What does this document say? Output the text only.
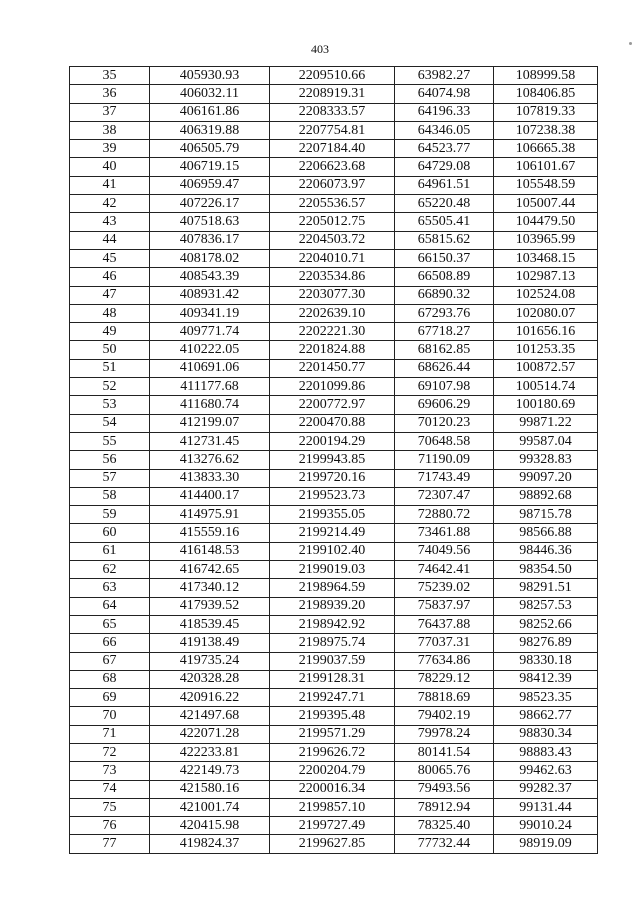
403
35	405930.93	2209510.66	63982.27	108999.58
36	406032.11	2208919.31	64074.98	108406.85
37	406161.86	2208333.57	64196.33	107819.33
38	406319.88	2207754.81	64346.05	107238.38
39	406505.79	2207184.40	64523.77	106665.38
40	406719.15	2206623.68	64729.08	106101.67
41	406959.47	2206073.97	64961.51	105548.59
42	407226.17	2205536.57	65220.48	105007.44
43	407518.63	2205012.75	65505.41	104479.50
44	407836.17	2204503.72	65815.62	103965.99
45	408178.02	2204010.71	66150.37	103468.15
46	408543.39	2203534.86	66508.89	102987.13
47	408931.42	2203077.30	66890.32	102524.08
48	409341.19	2202639.10	67293.76	102080.07
49	409771.74	2202221.30	67718.27	101656.16
50	410222.05	2201824.88	68162.85	101253.35
51	410691.06	2201450.77	68626.44	100872.57
52	411177.68	2201099.86	69107.98	100514.74
53	411680.74	2200772.97	69606.29	100180.69
54	412199.07	2200470.88	70120.23	99871.22
55	412731.45	2200194.29	70648.58	99587.04
56	413276.62	2199943.85	71190.09	99328.83
57	413833.30	2199720.16	71743.49	99097.20
58	414400.17	2199523.73	72307.47	98892.68
59	414975.91	2199355.05	72880.72	98715.78
60	415559.16	2199214.49	73461.88	98566.88
61	416148.53	2199102.40	74049.56	98446.36
62	416742.65	2199019.03	74642.41	98354.50
63	417340.12	2198964.59	75239.02	98291.51
64	417939.52	2198939.20	75837.97	98257.53
65	418539.45	2198942.92	76437.88	98252.66
66	419138.49	2198975.74	77037.31	98276.89
67	419735.24	2199037.59	77634.86	98330.18
68	420328.28	2199128.31	78229.12	98412.39
69	420916.22	2199247.71	78818.69	98523.35
70	421497.68	2199395.48	79402.19	98662.77
71	422071.28	2199571.29	79978.24	98830.34
72	422233.81	2199626.72	80141.54	98883.43
73	422149.73	2200204.79	80065.76	99462.63
74	421580.16	2200016.34	79493.56	99282.37
75	421001.74	2199857.10	78912.94	99131.44
76	420415.98	2199727.49	78325.40	99010.24
77	419824.37	2199627.85	77732.44	98919.09
